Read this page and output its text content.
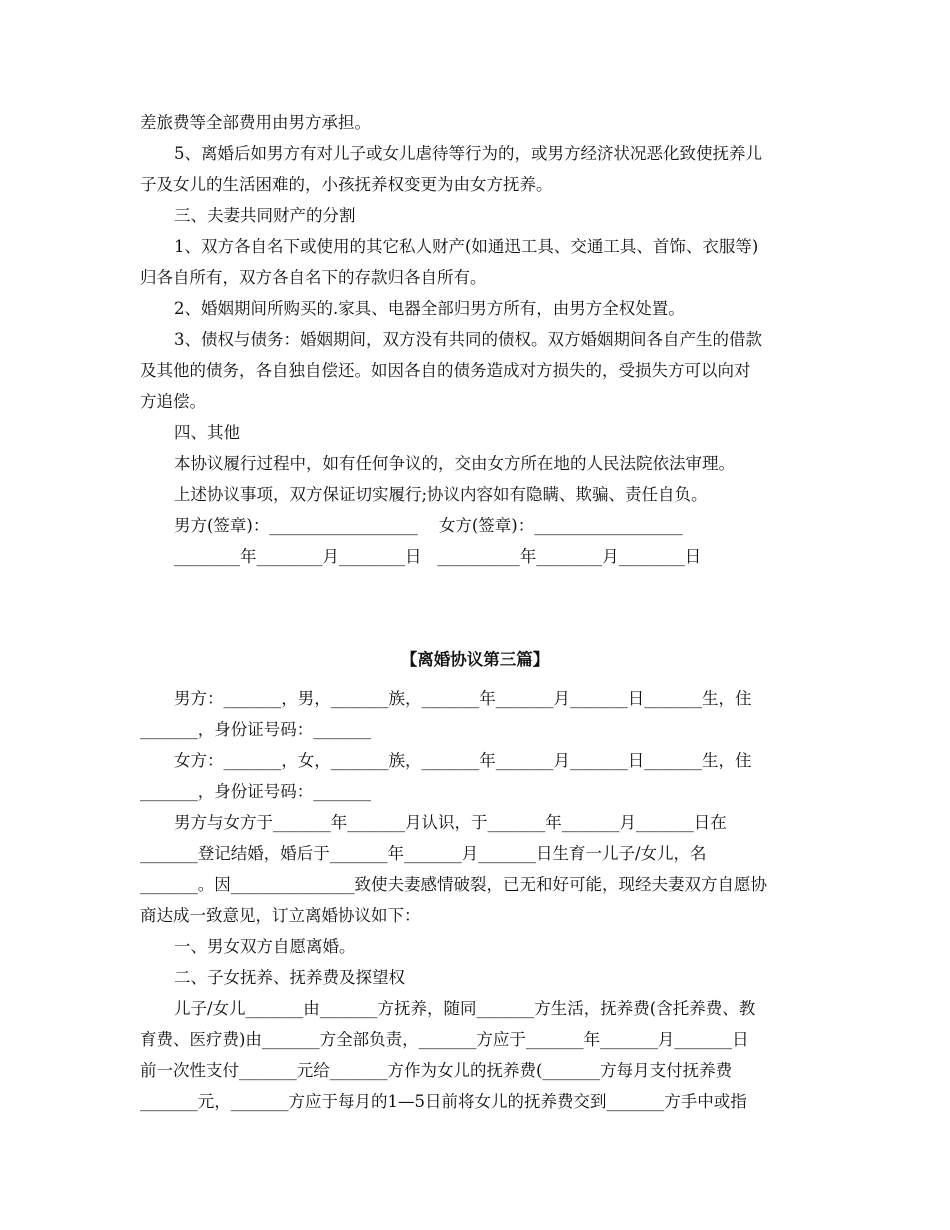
差旅费等全部费用由男方承担。

5、离婚后如男方有对儿子或女儿虐待等行为的，或男方经济状况恶化致使抚养儿

子及女儿的生活困难的，小孩抚养权变更为由女方抚养。

三、夫妻共同财产的分割

1、双方各自名下或使用的其它私人财产(如通迅工具、交通工具、首饰、衣服等)

归各自所有，双方各自名下的存款归各自所有。

2、婚姻期间所购买的.家具、电器全部归男方所有，由男方全权处置。

3、债权与债务：婚姻期间，双方没有共同的债权。双方婚姻期间各自产生的借款

及其他的债务，各自独自偿还。如因各自的债务造成对方损失的，受损失方可以向对

方追偿。

四、其他

本协议履行过程中，如有任何争议的，交由女方所在地的人民法院依法审理。

上述协议事项，双方保证切实履行;协议内容如有隐瞒、欺骗、责任自负。

男方(签章)：__________________    女方(签章)：__________________

________年________月________日   __________年________月________日

【离婚协议第三篇】

男方：_______，男，_______族，_______年_______月_______日_______生，住

_______，身份证号码：_______

女方：_______，女，_______族，_______年_______月_______日_______生，住

_______，身份证号码：_______

男方与女方于_______年_______月认识，于_______年_______月_______日在

_______登记结婚，婚后于_______年_______月_______日生育一儿子/女儿，名

_______。因_______________致使夫妻感情破裂，已无和好可能，现经夫妻双方自愿协

商达成一致意见，订立离婚协议如下：

一、男女双方自愿离婚。

二、子女抚养、抚养费及探望权

儿子/女儿_______由_______方抚养，随同_______方生活，抚养费(含托养费、教

育费、医疗费)由_______方全部负责，_______方应于_______年_______月_______日

前一次性支付_______元给_______方作为女儿的抚养费(_______方每月支付抚养费

_______元，_______方应于每月的1—5日前将女儿的抚养费交到_______方手中或指
